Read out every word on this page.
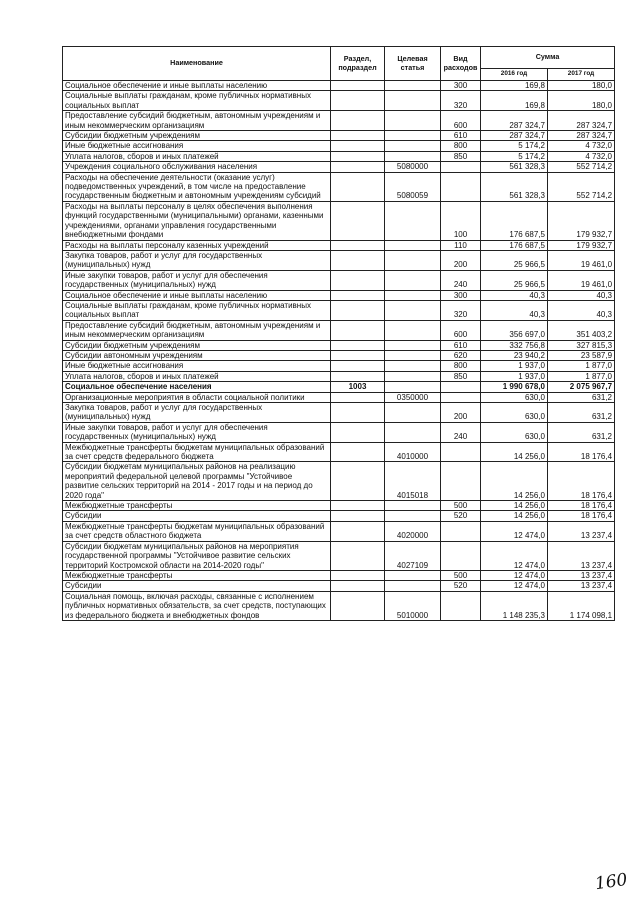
Наименование	Раздел, подраздел	Целевая статья	Вид расходов	Сумма	
				2016 год	2017 год
Социальное обеспечение и иные выплаты населению			300	169,8	180,0
Социальные выплаты гражданам, кроме публичных нормативных социальных выплат			320	169,8	180,0
Предоставление субсидий бюджетным, автономным учреждениям и иным некоммерческим организациям			600	287 324,7	287 324,7
Субсидии бюджетным учреждениям			610	287 324,7	287 324,7
Иные бюджетные ассигнования			800	5 174,2	4 732,0
Уплата налогов, сборов и иных платежей			850	5 174,2	4 732,0
Учреждения социального обслуживания населения		5080000		561 328,3	552 714,2
Расходы на обеспечение деятельности (оказание услуг) подведомственных учреждений, в том числе на предоставление государственным бюджетным и автономным учреждениям субсидий		5080059		561 328,3	552 714,2
Расходы на выплаты персоналу в целях обеспечения выполнения функций государственными (муниципальными) органами, казенными учреждениями, органами управления государственными внебюджетными фондами			100	176 687,5	179 932,7
Расходы на выплаты персоналу казенных учреждений			110	176 687,5	179 932,7
Закупка товаров, работ и услуг для государственных (муниципальных) нужд			200	25 966,5	19 461,0
Иные закупки товаров, работ и услуг для обеспечения государственных (муниципальных) нужд			240	25 966,5	19 461,0
Социальное обеспечение и иные выплаты населению			300	40,3	40,3
Социальные выплаты гражданам, кроме публичных нормативных социальных выплат			320	40,3	40,3
Предоставление субсидий бюджетным, автономным учреждениям и иным некоммерческим организациям			600	356 697,0	351 403,2
Субсидии бюджетным учреждениям			610	332 756,8	327 815,3
Субсидии автономным учреждениям			620	23 940,2	23 587,9
Иные бюджетные ассигнования			800	1 937,0	1 877,0
Уплата налогов, сборов и иных платежей			850	1 937,0	1 877,0
Социальное обеспечение населения	1003			1 990 678,0	2 075 967,7
Организационные мероприятия в области социальной политики		0350000		630,0	631,2
Закупка товаров, работ и услуг для государственных (муниципальных) нужд			200	630,0	631,2
Иные закупки товаров, работ и услуг для обеспечения государственных (муниципальных) нужд			240	630,0	631,2
Межбюджетные трансферты бюджетам муниципальных образований за счет средств федерального бюджета		4010000		14 256,0	18 176,4
Субсидии бюджетам муниципальных районов на реализацию мероприятий федеральной целевой программы "Устойчивое развитие сельских территорий на 2014 - 2017 годы и на период до 2020 года"		4015018		14 256,0	18 176,4
Межбюджетные трансферты			500	14 256,0	18 176,4
Субсидии			520	14 256,0	18 176,4
Межбюджетные трансферты бюджетам муниципальных образований за счет средств областного бюджета		4020000		12 474,0	13 237,4
Субсидии бюджетам муниципальных районов на мероприятия государственной программы "Устойчивое развитие сельских территорий Костромской области на 2014-2020 годы"		4027109		12 474,0	13 237,4
Межбюджетные трансферты			500	12 474,0	13 237,4
Субсидии			520	12 474,0	13 237,4
Социальная помощь, включая расходы, связанные с исполнением публичных нормативных обязательств, за счет средств, поступающих из федерального бюджета и внебюджетных фондов		5010000		1 148 235,3	1 174 098,1
160
